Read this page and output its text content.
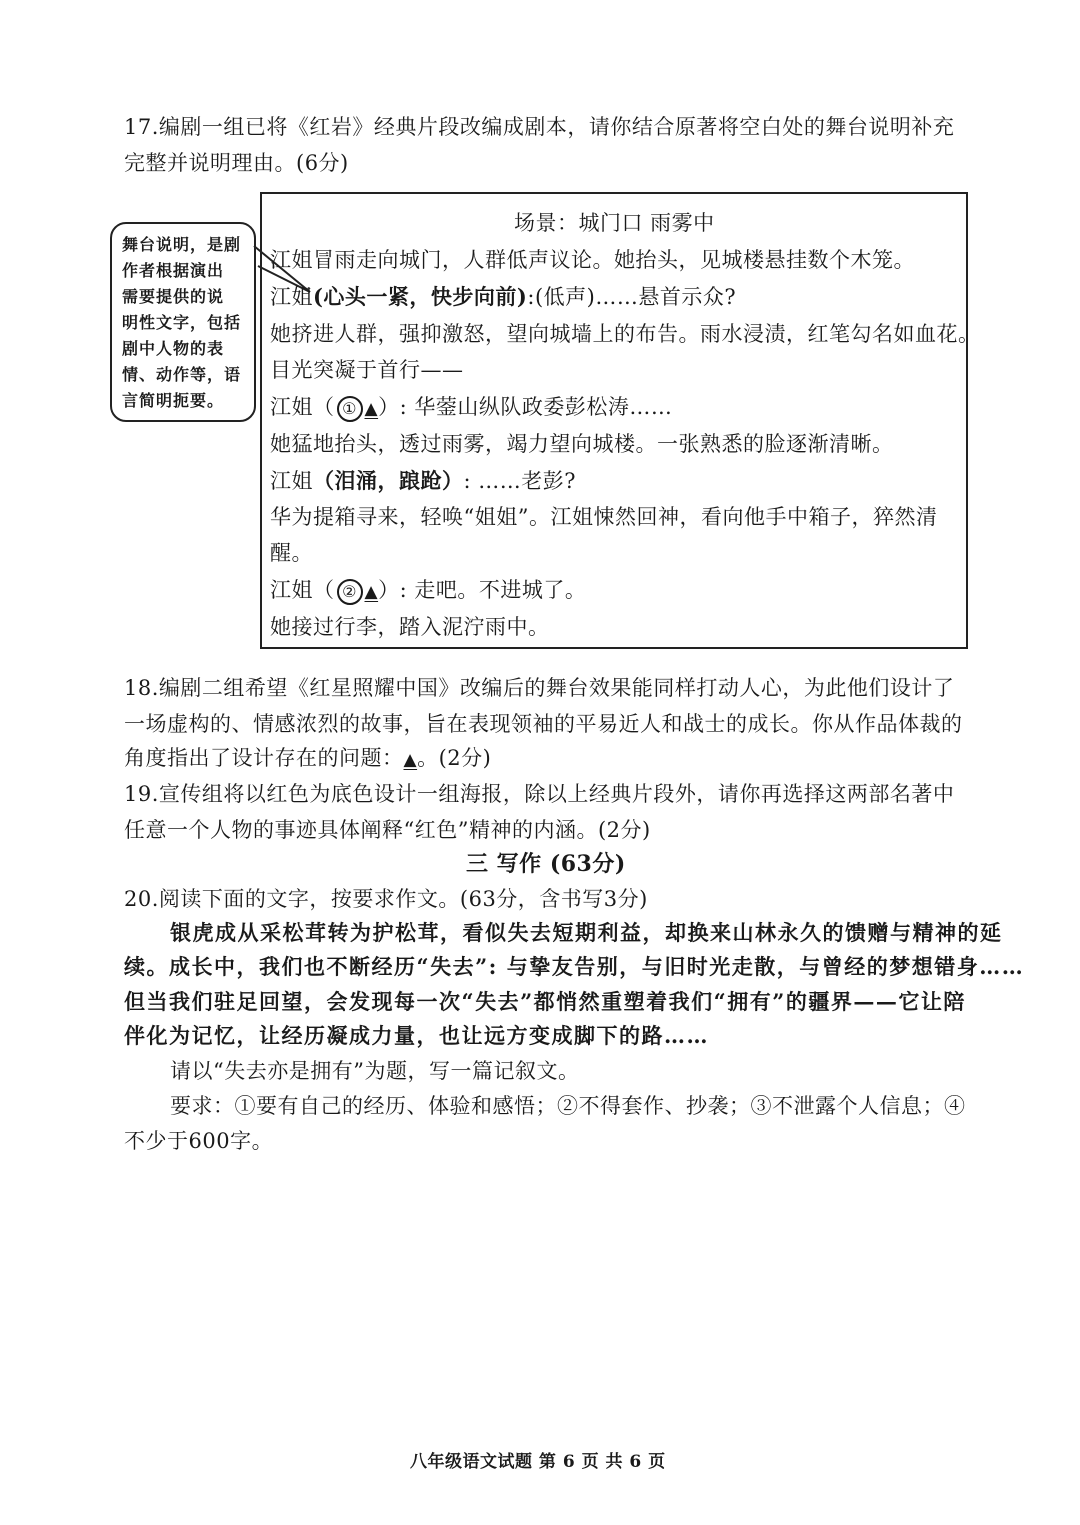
17.编剧一组已将《红岩》经典片段改编成剧本，请你结合原著将空白处的舞台说明补充
完整并说明理由。(6分)
舞台说明，是剧
作者根据演出
需要提供的说
明性文字，包括
剧中人物的表
情、动作等，语
言简明扼要。
场景：城门口 雨雾中
江姐冒雨走向城门，人群低声议论。她抬头，见城楼悬挂数个木笼。
江姐(心头一紧，快步向前):(低声)……悬首示众?
她挤进人群，强抑激怒，望向城墙上的布告。雨水浸渍，红笔勾名如血花。
目光突凝于首行——
江姐（ ① ▲）: 华蓥山纵队政委彭松涛……
她猛地抬头，透过雨雾，竭力望向城楼。一张熟悉的脸逐渐清晰。
江姐（泪涌，踉跄）: ……老彭?
华为提箱寻来，轻唤“姐姐”。江姐悚然回神，看向他手中箱子，猝然清
醒。
江姐（ ② ▲）: 走吧。不进城了。
她接过行李，踏入泥泞雨中。
18.编剧二组希望《红星照耀中国》改编后的舞台效果能同样打动人心，为此他们设计了
一场虚构的、情感浓烈的故事，旨在表现领袖的平易近人和战士的成长。你从作品体裁的
角度指出了设计存在的问题：▲。(2分)
19.宣传组将以红色为底色设计一组海报，除以上经典片段外，请你再选择这两部名著中
任意一个人物的事迹具体阐释“红色”精神的内涵。(2分)
三 写作 (63分)
20.阅读下面的文字，按要求作文。(63分，含书写3分)
银虎成从采松茸转为护松茸，看似失去短期利益，却换来山林永久的馈赠与精神的延
续。成长中，我们也不断经历“失去”: 与挚友告别，与旧时光走散，与曾经的梦想错身……
但当我们驻足回望，会发现每一次“失去”都悄然重塑着我们“拥有”的疆界——它让陪
伴化为记忆，让经历凝成力量，也让远方变成脚下的路……
请以“失去亦是拥有”为题，写一篇记叙文。
要求：①要有自己的经历、体验和感悟；②不得套作、抄袭；③不泄露个人信息；④
不少于600字。
八年级语文试题 第 6 页 共 6 页
